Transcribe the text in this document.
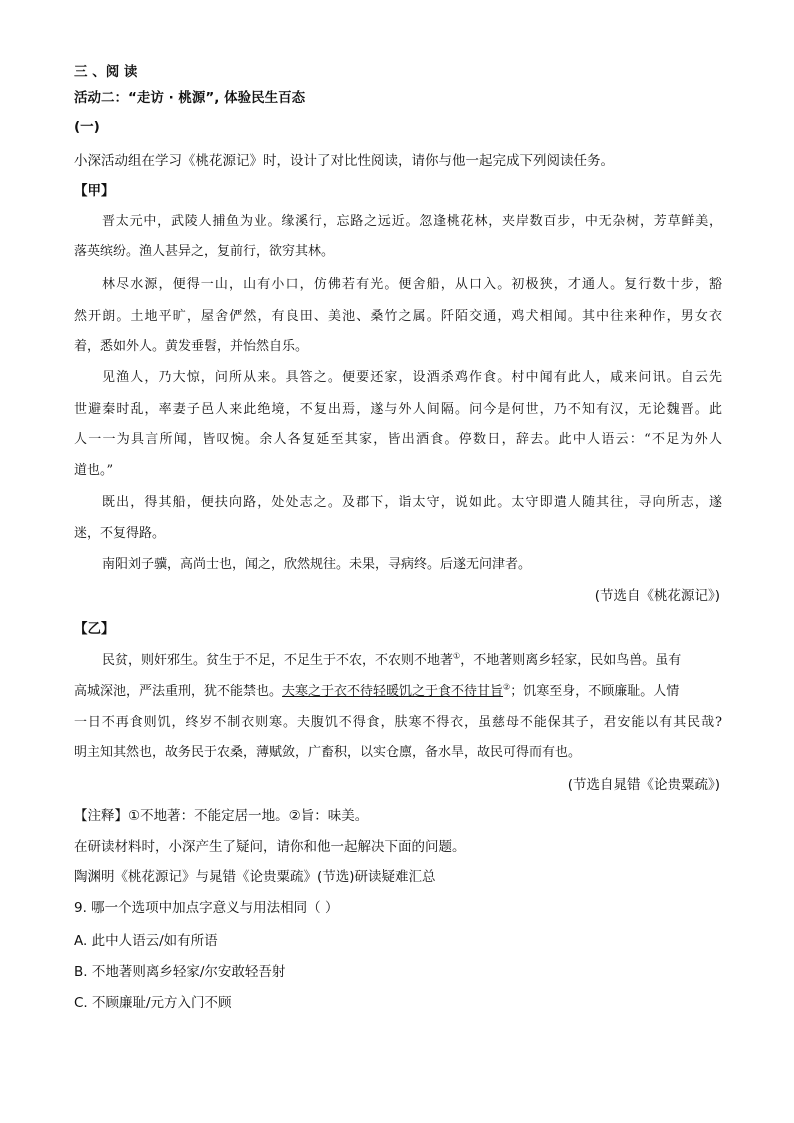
三 、阅 读
活动二：“走访 · 桃源”, 体验民生百态
(一)
小深活动组在学习《桃花源记》时，设计了对比性阅读，请你与他一起完成下列阅读任务。
【甲】
晋太元中，武陵人捕鱼为业。缘溪行，忘路之远近。忽逢桃花林，夹岸数百步，中无杂树，芳草鲜美，
落英缤纷。渔人甚异之，复前行，欲穷其林。
林尽水源，便得一山，山有小口，仿佛若有光。便舍船，从口入。初极狭，才通人。复行数十步，豁
然开朗。土地平旷，屋舍俨然，有良田、美池、桑竹之属。阡陌交通，鸡犬相闻。其中往来种作，男女衣
着，悉如外人。黄发垂髫，并怡然自乐。
见渔人，乃大惊，问所从来。具答之。便要还家，设酒杀鸡作食。村中闻有此人，咸来问讯。自云先
世避秦时乱，率妻子邑人来此绝境，不复出焉，遂与外人间隔。问今是何世，乃不知有汉，无论魏晋。此
人一一为具言所闻，皆叹惋。余人各复延至其家，皆出酒食。停数日，辞去。此中人语云：“不足为外人
道也。”
既出，得其船，便扶向路，处处志之。及郡下，诣太守，说如此。太守即遣人随其往，寻向所志，遂
迷，不复得路。
南阳刘子骥，高尚士也，闻之，欣然规往。未果，寻病终。后遂无问津者。
(节选自《桃花源记》)
【乙】
民贫，则奸邪生。贫生于不足，不足生于不农，不农则不地著①，不地著则离乡轻家，民如鸟兽。虽有
高城深池，严法重刑，犹不能禁也。夫寒之于衣不待轻暖饥之于食不待甘旨②；饥寒至身，不顾廉耻。人情
一日不再食则饥，终岁不制衣则寒。夫腹饥不得食，肤寒不得衣，虽慈母不能保其子，君安能以有其民哉?
明主知其然也，故务民于农桑，薄赋敛，广畜积，以实仓廪，备水旱，故民可得而有也。
(节选自晁错《论贵粟疏》)
【注释】①不地著：不能定居一地。②旨：味美。
在研读材料时，小深产生了疑问，请你和他一起解决下面的问题。
陶渊明《桃花源记》与晁错《论贵粟疏》(节选)研读疑难汇总
9. 哪一个选项中加点字意义与用法相同（ ）
A. 此中人语云/如有所语
B. 不地著则离乡轻家/尔安敢轻吾射
C. 不顾廉耻/元方入门不顾
